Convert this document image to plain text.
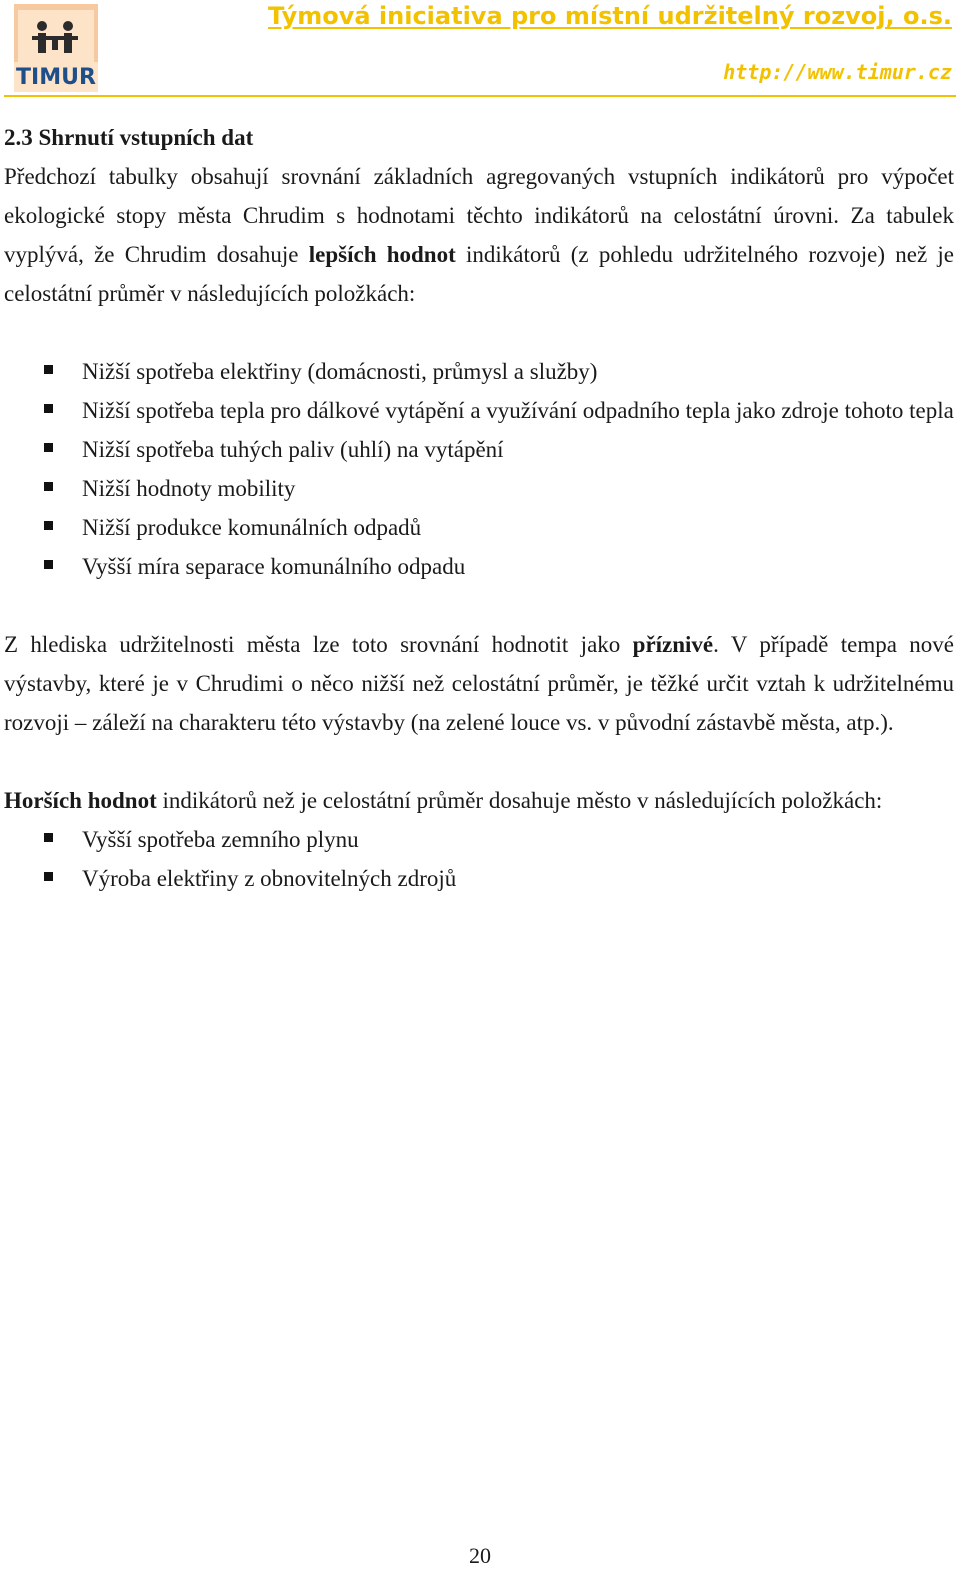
TIMUR

Týmová iniciativa pro místní udržitelný rozvoj, o.s.

http://www.timur.cz
2.3 Shrnutí vstupních dat

Předchozí tabulky obsahují srovnání základních agregovaných vstupních indikátorů pro výpočet ekologické stopy města Chrudim s hodnotami těchto indikátorů na celostátní úrovni. Za tabulek vyplývá, že Chrudim dosahuje lepších hodnot indikátorů (z pohledu udržitelného rozvoje) než je celostátní průměr v následujících položkách:

Nižší spotřeba elektřiny (domácnosti, průmysl a služby)
Nižší spotřeba tepla pro dálkové vytápění a využívání odpadního tepla jako zdroje tohoto tepla
Nižší spotřeba tuhých paliv (uhlí) na vytápění
Nižší hodnoty mobility
Nižší produkce komunálních odpadů
Vyšší míra separace komunálního odpadu

Z hlediska udržitelnosti města lze toto srovnání hodnotit jako příznivé. V případě tempa nové výstavby, které je v Chrudimi o něco nižší než celostátní průměr, je těžké určit vztah k udržitelnému rozvoji – záleží na charakteru této výstavby (na zelené louce vs. v původní zástavbě města, atp.).

Horších hodnot indikátorů než je celostátní průměr dosahuje město v následujících položkách:

Vyšší spotřeba zemního plynu
Výroba elektřiny z obnovitelných zdrojů
20
